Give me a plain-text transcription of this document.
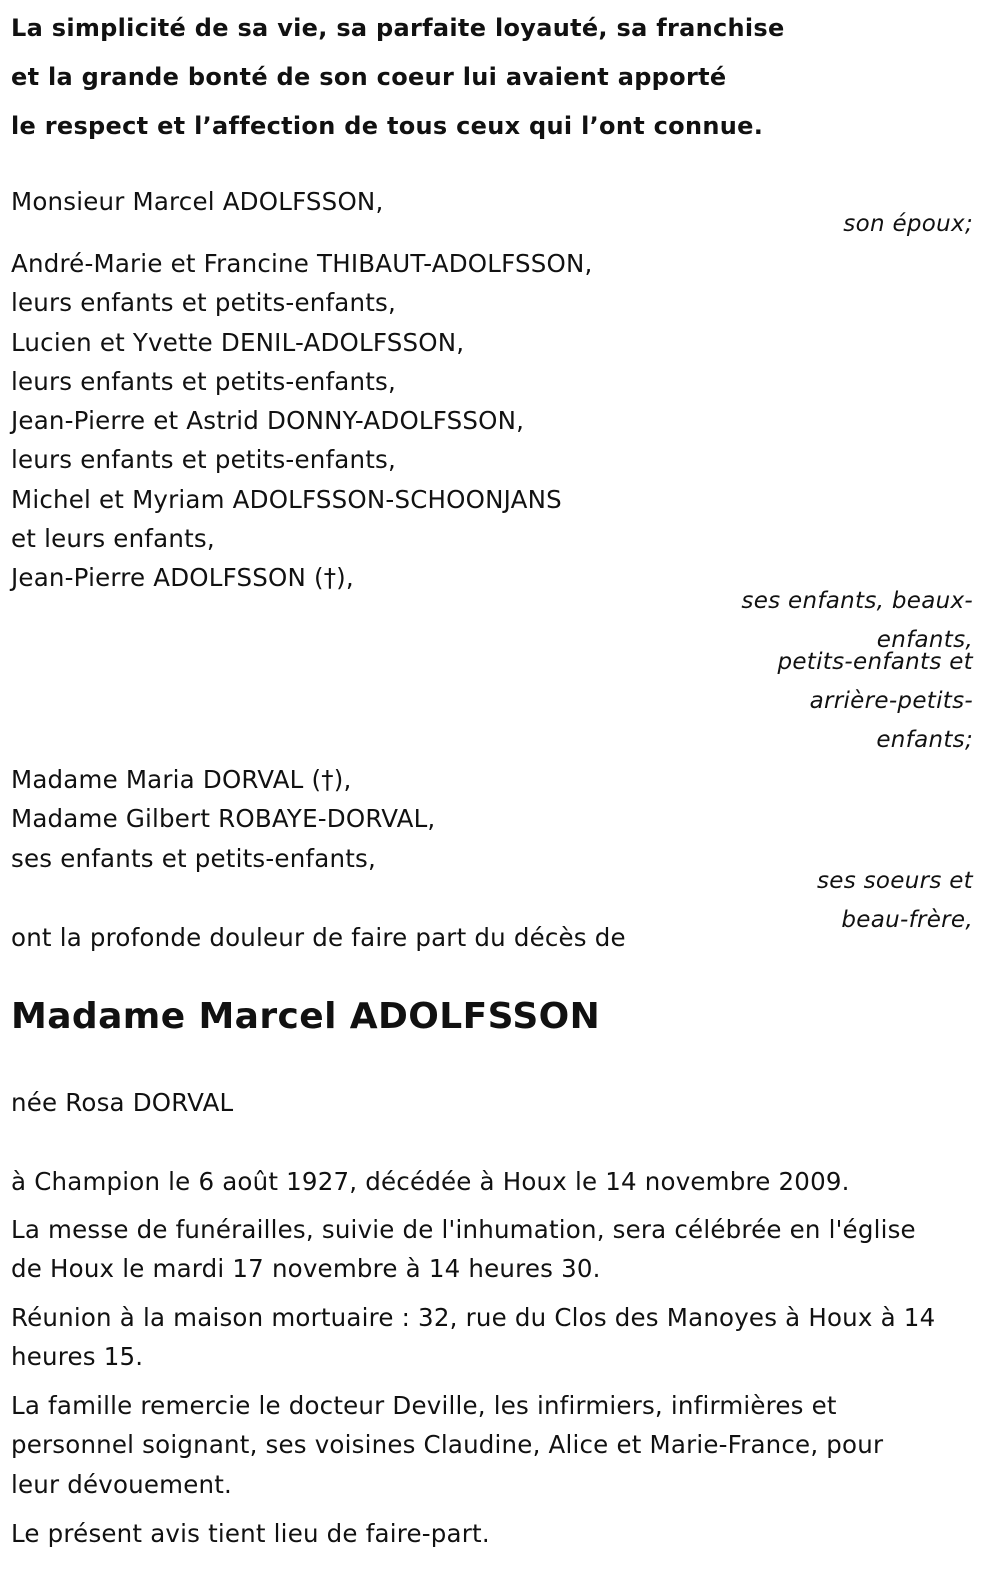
La simplicité de sa vie, sa parfaite loyauté, sa franchise
et la grande bonté de son coeur lui avaient apporté
le respect et l’affection de tous ceux qui l’ont connue.
Monsieur Marcel ADOLFSSON,
son époux;
André-Marie et Francine THIBAUT-ADOLFSSON,
leurs enfants et petits-enfants,
Lucien et Yvette DENIL-ADOLFSSON,
leurs enfants et petits-enfants,
Jean-Pierre et Astrid DONNY-ADOLFSSON,
leurs enfants et petits-enfants,
Michel et Myriam ADOLFSSON-SCHOONJANS
et leurs enfants,
Jean-Pierre ADOLFSSON (†),
ses enfants, beaux-
enfants,
petits-enfants et
arrière-petits-
enfants;
Madame Maria DORVAL (†),
Madame Gilbert ROBAYE-DORVAL,
ses enfants et petits-enfants,
ses soeurs et
beau-frère,
ont la profonde douleur de faire part du décès de
Madame Marcel ADOLFSSON
née Rosa DORVAL
à Champion le 6 août 1927, décédée à Houx le 14 novembre 2009.
La messe de funérailles, suivie de l'inhumation, sera célébrée en l'église
de Houx le mardi 17 novembre à 14 heures 30.
Réunion à la maison mortuaire : 32, rue du Clos des Manoyes à Houx à 14
heures 15.
La famille remercie le docteur Deville, les infirmiers, infirmières et
personnel soignant, ses voisines Claudine, Alice et Marie-France, pour
leur dévouement.
Le présent avis tient lieu de faire-part.
